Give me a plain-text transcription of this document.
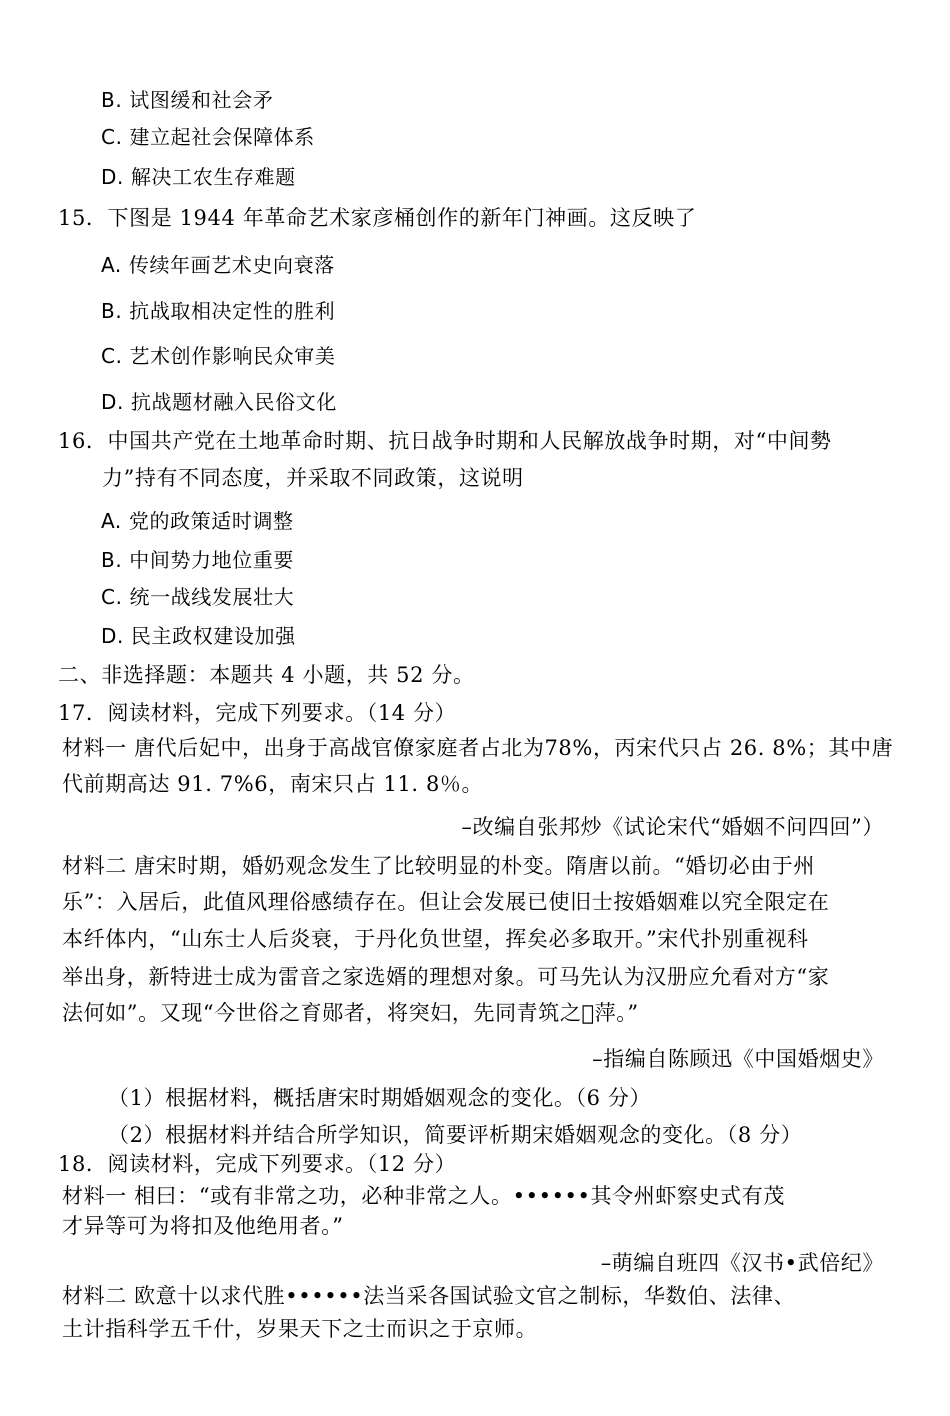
B. 试图缓和社会矛
C. 建立起社会保障体系
D. 解决工农生存难题
15．下图是 1944 年革命艺术家彦桶创作的新年门神画。这反映了
A. 传续年画艺术史向衰落
B. 抗战取相决定性的胜利
C. 艺术创作影响民众审美
D. 抗战题材融入民俗文化
16．中国共产党在土地革命时期、抗日战争时期和人民解放战争时期，对“中间勢
力”持有不同态度，并采取不同政策，这说明
A. 党的政策适时调整
B. 中间势力地位重要
C. 统一战线发展壮大
D. 民主政权建设加强
二、非选择题：本题共 4 小题，共 52 分。
17．阅读材料，完成下列要求。（14 分）
材料一 唐代后妃中，出身于高战官僚家庭者占北为78%，丙宋代只占 26. 8%；其中唐
代前期高达 91. 7%6，南宋只占 11. 8％。
–改编自张邦炒《试论宋代“婚姻不问四回”）
材料二 唐宋时期，婚奶观念发生了比较明显的朴变。隋唐以前。“婚切必由于州
乐”：入居后，此值风理俗感绩存在。但让会发展已使旧士按婚姻难以究全限定在
本纤体内，“山东士人后炎衰，于丹化负世望，挥矣必多取开。”宋代扑别重视科
举出身，新特进士成为雷音之家选婿的理想对象。可马先认为汉册应允看对方“家
法何如”。又现“今世俗之育郧者，将突妇，先同青筑之𫊸萍。”
–指编自陈顾迅《中国婚烟史》
（1）根据材料，概括唐宋时期婚姻观念的变化。（6 分）
（2）根据材料并结合所学知识，简要评析期宋婚姻观念的变化。（8 分）
18．阅读材料，完成下列要求。（12 分）
材料一 相曰：“或有非常之功，必种非常之人。••••••其令州虾察史式有茂
才异等可为将扣及他绝用者。”
–萌编自班四《汉书•武倍纪》
材料二 欧意十以求代胜••••••法当采各国试验文官之制标，华数伯、法律、
土计指科学五千什，岁果天下之士而识之于京师。
